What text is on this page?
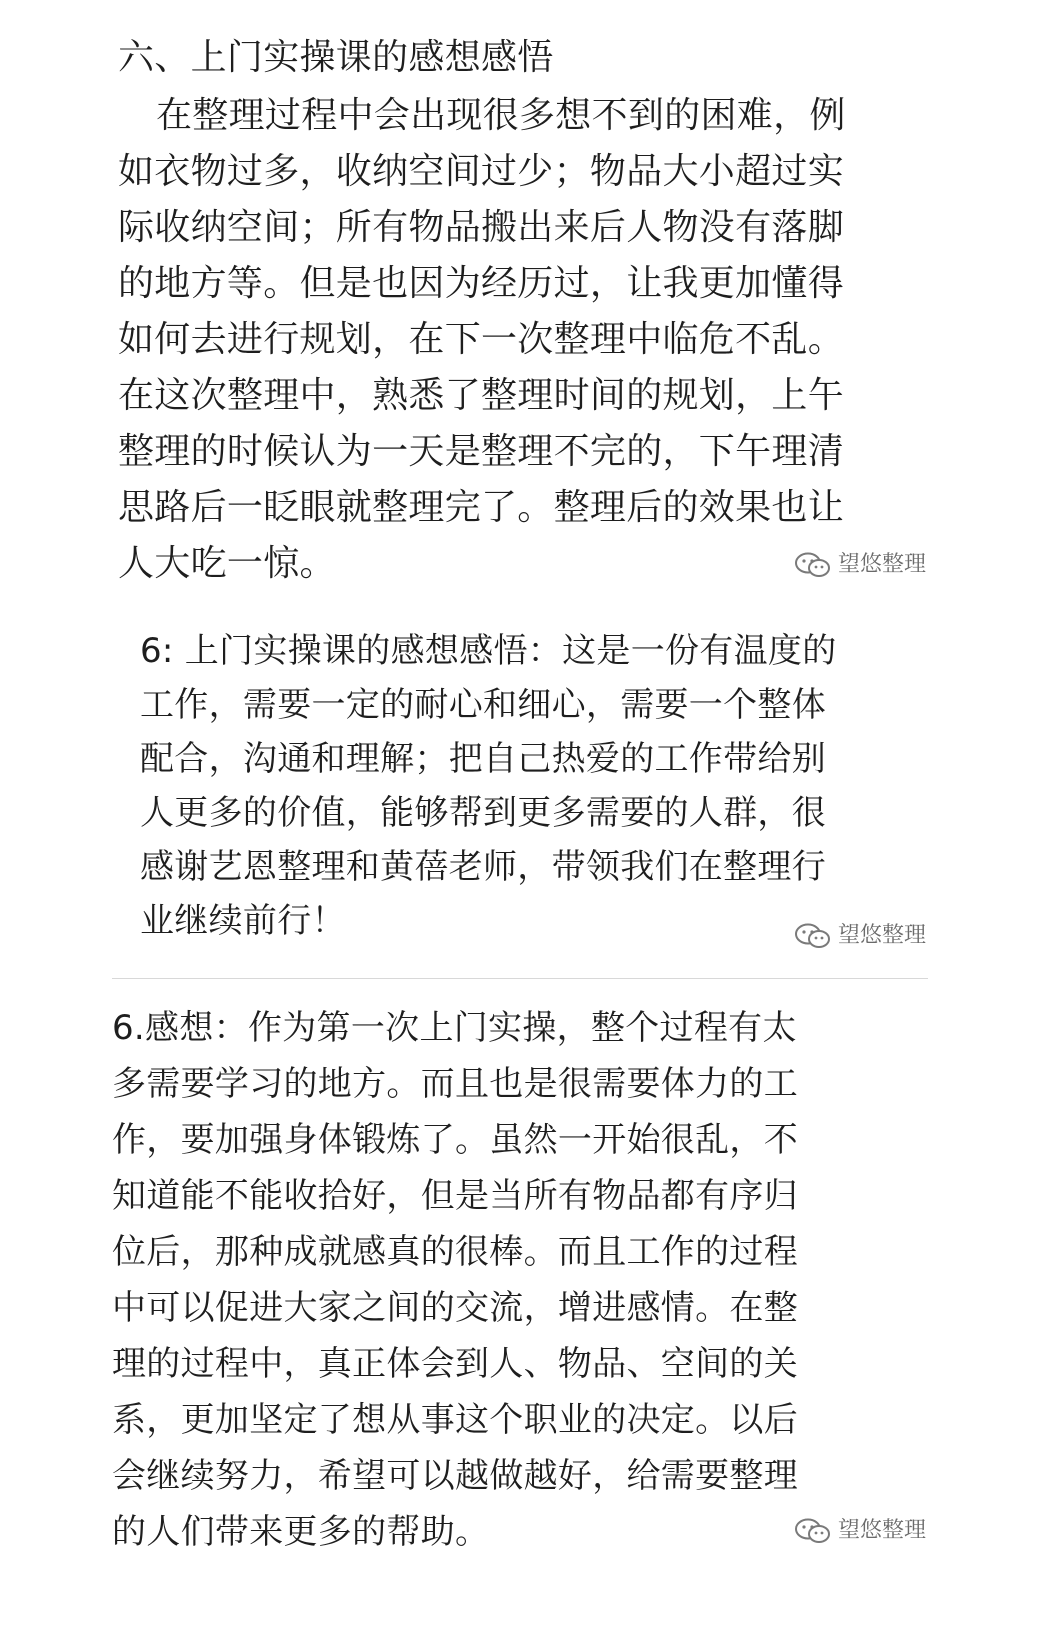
六、上门实操课的感想感悟
在整理过程中会出现很多想不到的困难，例
如衣物过多，收纳空间过少；物品大小超过实
际收纳空间；所有物品搬出来后人物没有落脚
的地方等。但是也因为经历过，让我更加懂得
如何去进行规划，在下一次整理中临危不乱。
在这次整理中，熟悉了整理时间的规划，上午
整理的时候认为一天是整理不完的，下午理清
思路后一眨眼就整理完了。整理后的效果也让
人大吃一惊。	望悠整理
6: 上门实操课的感想感悟：这是一份有温度的
工作，需要一定的耐心和细心，需要一个整体
配合，沟通和理解；把自己热爱的工作带给别
人更多的价值，能够帮到更多需要的人群，很
感谢艺恩整理和黄蓓老师，带领我们在整理行
业继续前行！	望悠整理
6.感想：作为第一次上门实操，整个过程有太
多需要学习的地方。而且也是很需要体力的工
作，要加强身体锻炼了。虽然一开始很乱，不
知道能不能收拾好，但是当所有物品都有序归
位后，那种成就感真的很棒。而且工作的过程
中可以促进大家之间的交流，增进感情。在整
理的过程中，真正体会到人、物品、空间的关
系，更加坚定了想从事这个职业的决定。以后
会继续努力，希望可以越做越好，给需要整理
的人们带来更多的帮助。	望悠整理
